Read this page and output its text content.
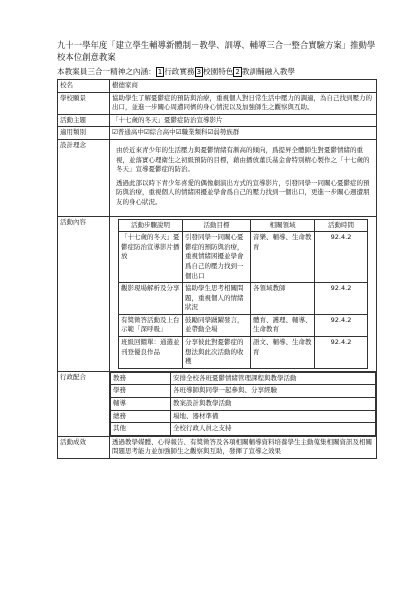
九十一學年度「建立學生輔導新體制－教學、訓導、輔導三合一整合實驗方案」推動學校本位創意教案
本教案員三合一精神之內涵： 1 行政實務 3 校園特色 2 教訓輔融入教學
校名	樹德家商
學校願景	協助學生了解憂鬱症的預防與治療，重視個人對日常生活中壓力的調適，為自己找到壓力的出口，並進一步關心周遭同儕的身心情況以及加強師生之觀察與互助。
活動主題	「十七歲的冬天」憂鬱症防治宣導影片
適用類別	☑普通高中☑綜合高中☑職業類科☑弱勢族群
設計理念	

由於近來青少年的生活壓力與憂鬱情緒有漸高的傾向，爲提昇全體師生對憂鬱情緒的重視，並落實心理衛生之初級預防的目標，藉由播放董氏基金會特別精心製作之「十七歲的冬天」宣導憂鬱症的防治。

透過此部以時下青少年喜愛的偶像劇演出方式的宣導影片，引發同學一同關心憂鬱症的預防與治療，重視個人的情緒困擾並學會爲自己的壓力找到一個出口，更進一步關心週遭朋友的身心狀況。

活動內容		活動步驟說明	活動目標	相關領域	活動時間
「十七歲的冬天」憂鬱症防治宣導影片播放	引發同學一同關心憂鬱症的預防與治療，重視情緒困擾並學會爲自己的壓力找到一個出口	音樂、輔導、生命教育	92.4.2
觀影現場解析及分享	協助學生思考相關問題，重視個人的情緒狀況	各領域教師	92.4.2
有獎徵答活動及上台示範「深呼吸」	鼓勵同學踴躍發言，並帶動全場	體育、護理、輔導、生命教育	92.4.2
班級回饋單：通選並刊登優良作品	分享彼此對憂鬱症的想法與此次活動的收穫	語文、輔導、生命教育	92.4.2

行政配合		教務	安排全校各班憂鬱情緒管理課程與教學活動
學務	各班導師與同學一起參與、分享經驗
輔導	教案設計與教學活動
總務	場地、器材準備
其他	全校行政人員之支持

活動成效	透過教學媒體、心得報告、有獎徵答及各項相關輔導資料培養學生主動蒐集相關資訊及相關問題思考能力並加強師生之觀察與互助，發揮了宣導之效果
